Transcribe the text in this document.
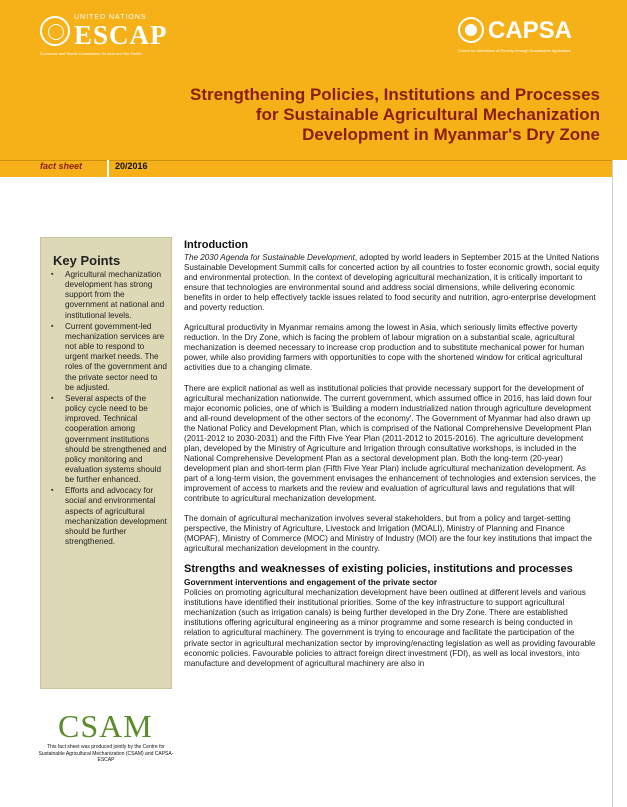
UNITED NATIONS
ESCAP
Economic and Social Commission for Asia and the Pacific
CAPSA
Centre for Alleviation of Poverty through Sustainable Agriculture
Strengthening Policies, Institutions and Processes
for Sustainable Agricultural Mechanization
Development in Myanmar's Dry Zone
fact sheet	20/2016
Key Points
▪ Agricultural mechanization development has strong support from the government at national and institutional levels.
▪ Current government-led mechanization services are not able to respond to urgent market needs. The roles of the government and the private sector need to be adjusted.
▪ Several aspects of the policy cycle need to be improved. Technical cooperation among government institutions should be strengthened and policy monitoring and evaluation systems should be further enhanced.
▪ Efforts and advocacy for social and environmental aspects of agricultural mechanization development should be further strengthened.
CSAM
This fact sheet was produced jointly by the Centre for Sustainable Agricultural Mechanization (CSAM) and CAPSA-ESCAP
Introduction

The 2030 Agenda for Sustainable Development, adopted by world leaders in September 2015 at the United Nations Sustainable Development Summit calls for concerted action by all countries to foster economic growth, social equity and environmental protection. In the context of developing agricultural mechanization, it is critically important to ensure that technologies are environmental sound and address social dimensions, while delivering economic benefits in order to help effectively tackle issues related to food security and nutrition, agro-enterprise development and poverty reduction.

Agricultural productivity in Myanmar remains among the lowest in Asia, which seriously limits effective poverty reduction. In the Dry Zone, which is facing the problem of labour migration on a substantial scale, agricultural mechanization is deemed necessary to increase crop production and to substitute mechanical power for human power, while also providing farmers with opportunities to cope with the shortened window for critical agricultural activities due to a changing climate.

There are explicit national as well as institutional policies that provide necessary support for the development of agricultural mechanization nationwide. The current government, which assumed office in 2016, has laid down four major economic policies, one of which is 'Building a modern industrialized nation through agriculture development and all-round development of the other sectors of the economy'. The Government of Myanmar had also drawn up the National Policy and Development Plan, which is comprised of the National Comprehensive Development Plan (2011-2012 to 2030-2031) and the Fifth Five Year Plan (2011-2012 to 2015-2016). The agriculture development plan, developed by the Ministry of Agriculture and Irrigation through consultative workshops, is included in the National Comprehensive Development Plan as a sectoral development plan. Both the long-term (20-year) development plan and short-term plan (Fifth Five Year Plan) include agricultural mechanization development. As part of a long-term vision, the government envisages the enhancement of technologies and extension services, the improvement of access to markets and the review and evaluation of agricultural laws and regulations that will contribute to agricultural mechanization development.

The domain of agricultural mechanization involves several stakeholders, but from a policy and target-setting perspective, the Ministry of Agriculture, Livestock and Irrigation (MOALI), Ministry of Planning and Finance (MOPAF), Ministry of Commerce (MOC) and Ministry of Industry (MOI) are the four key institutions that impact the agricultural mechanization development in the country.

Strengths and weaknesses of existing policies, institutions and processes
Government interventions and engagement of the private sector

Policies on promoting agricultural mechanization development have been outlined at different levels and various institutions have identified their institutional priorities. Some of the key infrastructure to support agricultural mechanization (such as irrigation canals) is being further developed in the Dry Zone. There are established institutions offering agricultural engineering as a minor programme and some research is being conducted in relation to agricultural machinery. The government is trying to encourage and facilitate the participation of the private sector in agricultural mechanization sector by improving/enacting legislation as well as providing favourable economic policies. Favourable policies to attract foreign direct investment (FDI), as well as local investors, into manufacture and development of agricultural machinery are also in
